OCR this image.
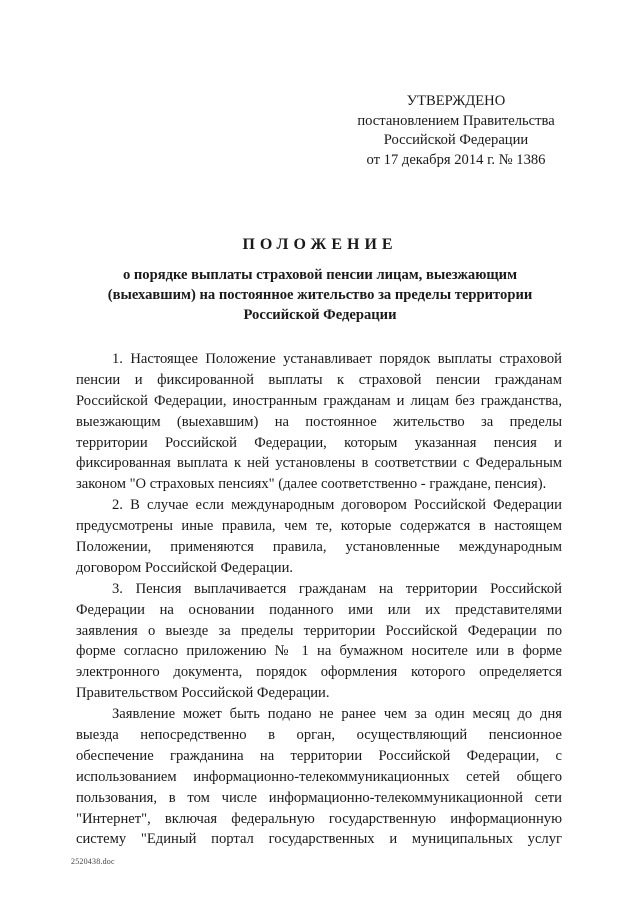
УТВЕРЖДЕНО
постановлением Правительства
Российской Федерации
от 17 декабря 2014 г. № 1386
ПОЛОЖЕНИЕ
о порядке выплаты страховой пенсии лицам, выезжающим
(выехавшим) на постоянное жительство за пределы территории
Российской Федерации
1. Настоящее Положение устанавливает порядок выплаты страховой
пенсии и фиксированной выплаты к страховой пенсии гражданам
Российской Федерации, иностранным гражданам и лицам без гражданства,
выезжающим (выехавшим) на постоянное жительство за пределы
территории Российской Федерации, которым указанная пенсия и
фиксированная выплата к ней установлены в соответствии с Федеральным
законом "О страховых пенсиях" (далее соответственно - граждане, пенсия).
2. В случае если международным договором Российской Федерации
предусмотрены иные правила, чем те, которые содержатся в настоящем
Положении, применяются правила, установленные международным
договором Российской Федерации.
3. Пенсия выплачивается гражданам на территории Российской
Федерации на основании поданного ими или их представителями
заявления о выезде за пределы территории Российской Федерации по
форме согласно приложению № 1 на бумажном носителе или в форме
электронного документа, порядок оформления которого определяется
Правительством Российской Федерации.
Заявление может быть подано не ранее чем за один месяц до дня
выезда непосредственно в орган, осуществляющий пенсионное
обеспечение гражданина на территории Российской Федерации, с
использованием информационно-телекоммуникационных сетей общего
пользования, в том числе информационно-телекоммуникационной сети
"Интернет", включая федеральную государственную информационную
систему "Единый портал государственных и муниципальных услуг
2520438.doc
